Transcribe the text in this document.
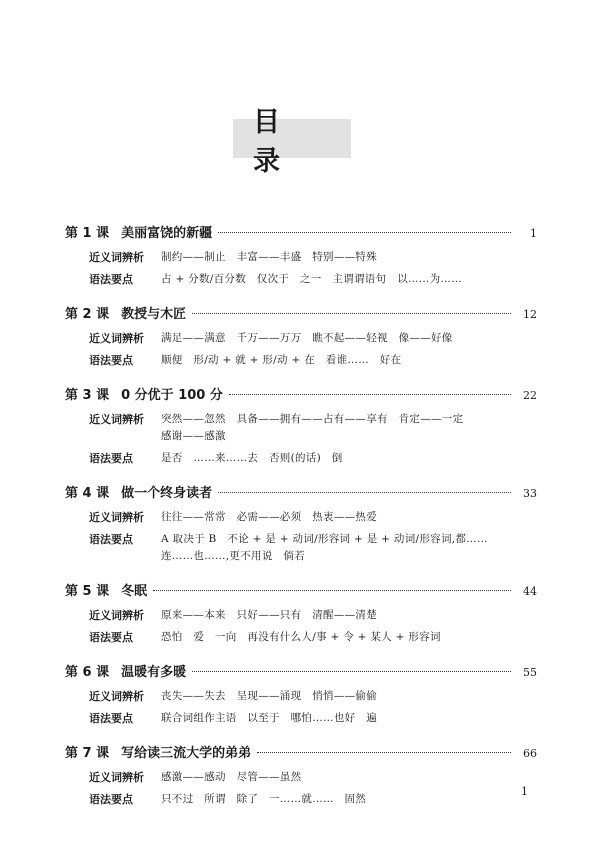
目 录
第 1 课 美丽富饶的新疆	1
近义词辨析	制约——制止　丰富——丰盛　特别——特殊
语法要点	占 + 分数/百分数　仅次于　之一　主谓谓语句　以……为……
第 2 课 教授与木匠	12
近义词辨析	满足——满意　千万——万万　瞧不起——轻视　像——好像
语法要点	顺便　形/动 + 就 + 形/动 + 在　看谁……　好在
第 3 课 0 分优于 100 分	22
近义词辨析	突然——忽然　具备——拥有——占有——享有　肯定——一定
感谢——感激
语法要点	是否　……来……去　否则(的话)　倒
第 4 课 做一个终身读者	33
近义词辨析	往往——常常　必需——必须　热衷——热爱
语法要点	A 取决于 B　不论 + 是 + 动词/形容词 + 是 + 动词/形容词,都……
连……也……,更不用说　倘若
第 5 课 冬眠	44
近义词辨析	原来——本来　只好——只有　清醒——清楚
语法要点	恐怕　爱　一向　再没有什么人/事 + 令 + 某人 + 形容词
第 6 课 温暖有多暖	55
近义词辨析	丧失——失去　呈现——涌现　悄悄——偷偷
语法要点	联合词组作主语　以至于　哪怕……也好　遍
第 7 课 写给读三流大学的弟弟	66
近义词辨析	感激——感动　尽管——虽然
语法要点	只不过　所谓　除了　一……就……　固然
1
